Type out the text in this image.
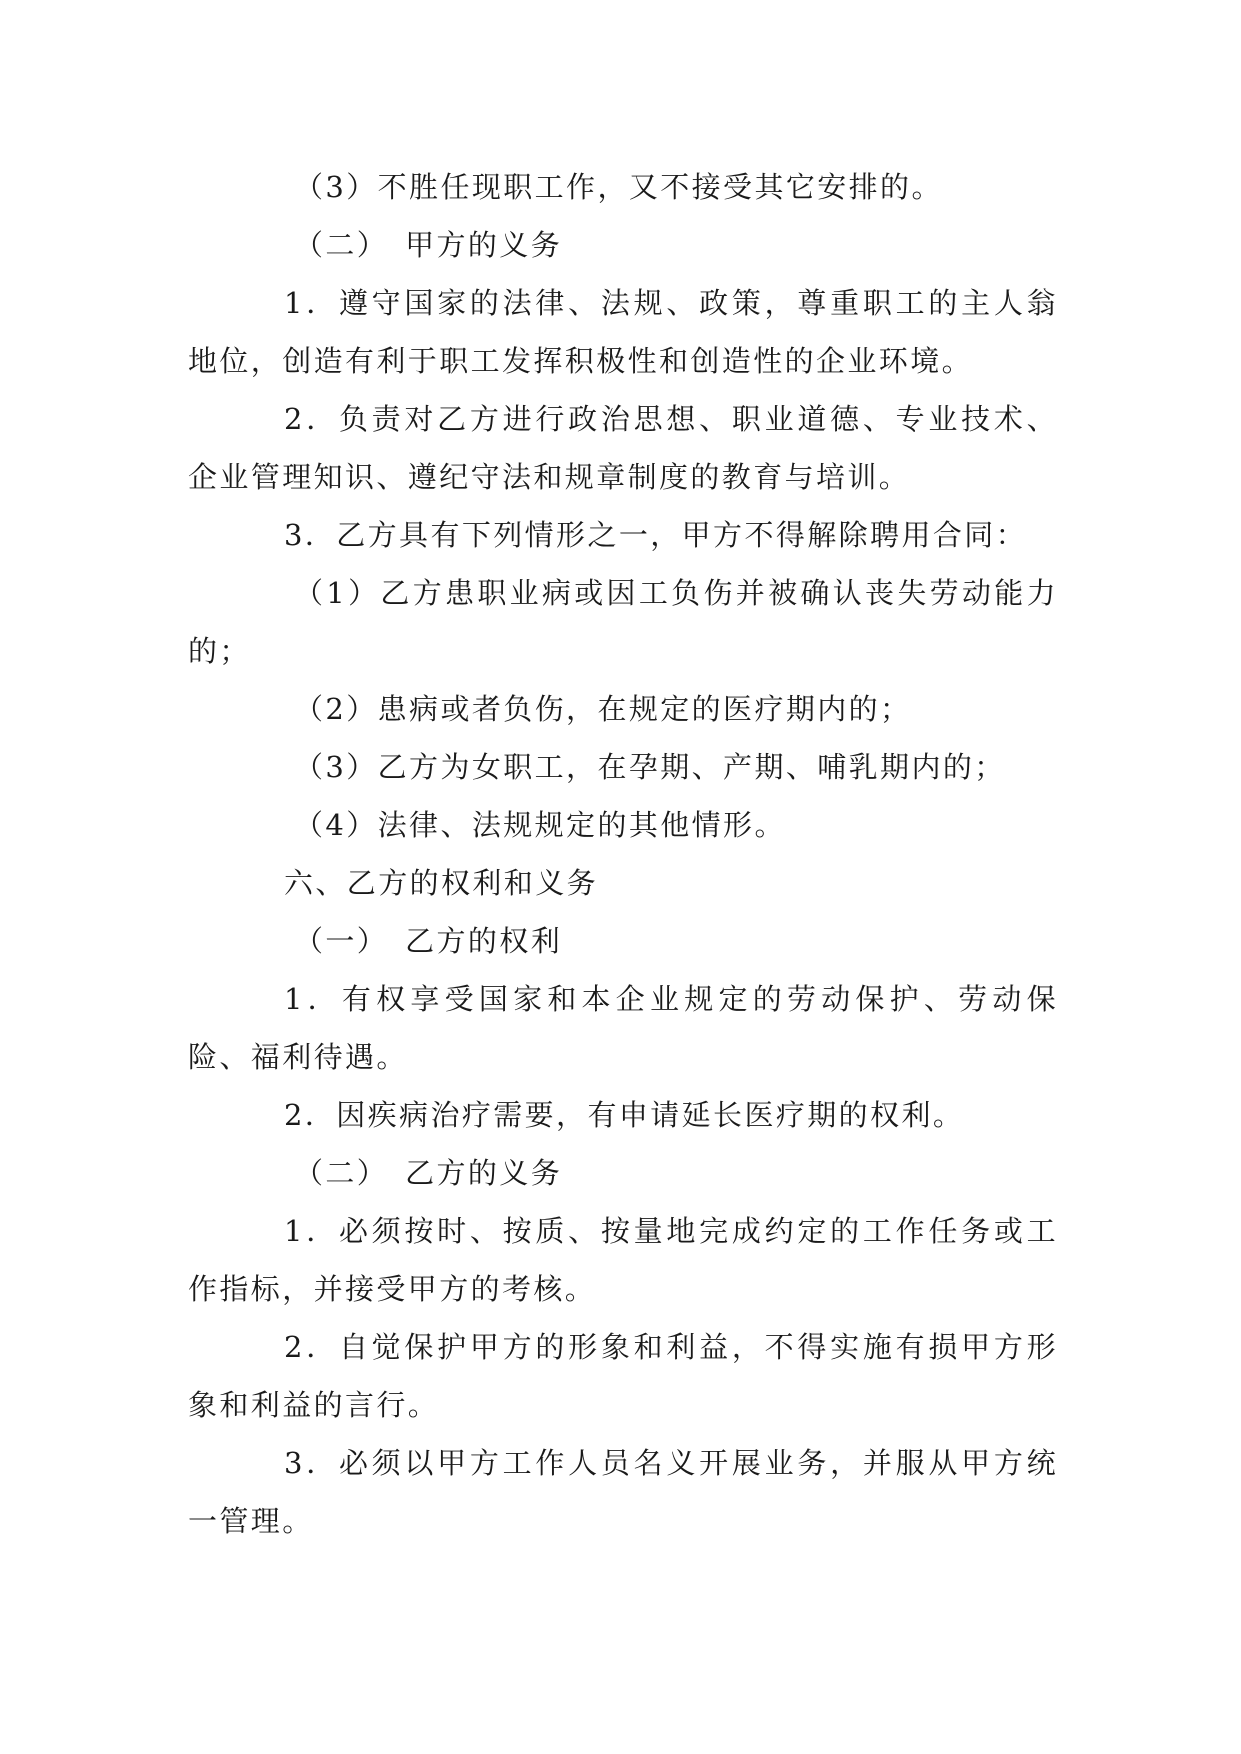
（3）不胜任现职工作，又不接受其它安排的。

（二）　甲方的义务

1．遵守国家的法律、法规、政策，尊重职工的主人翁地位，创造有利于职工发挥积极性和创造性的企业环境。

2．负责对乙方进行政治思想、职业道德、专业技术、企业管理知识、遵纪守法和规章制度的教育与培训。

3．乙方具有下列情形之一，甲方不得解除聘用合同：

（1）乙方患职业病或因工负伤并被确认丧失劳动能力的；

（2）患病或者负伤，在规定的医疗期内的；

（3）乙方为女职工，在孕期、产期、哺乳期内的；

（4）法律、法规规定的其他情形。

六、乙方的权利和义务

（一）　乙方的权利

1．有权享受国家和本企业规定的劳动保护、劳动保险、福利待遇。

2．因疾病治疗需要，有申请延长医疗期的权利。

（二）　乙方的义务

1．必须按时、按质、按量地完成约定的工作任务或工作指标，并接受甲方的考核。

2．自觉保护甲方的形象和利益，不得实施有损甲方形象和利益的言行。

3．必须以甲方工作人员名义开展业务，并服从甲方统一管理。
